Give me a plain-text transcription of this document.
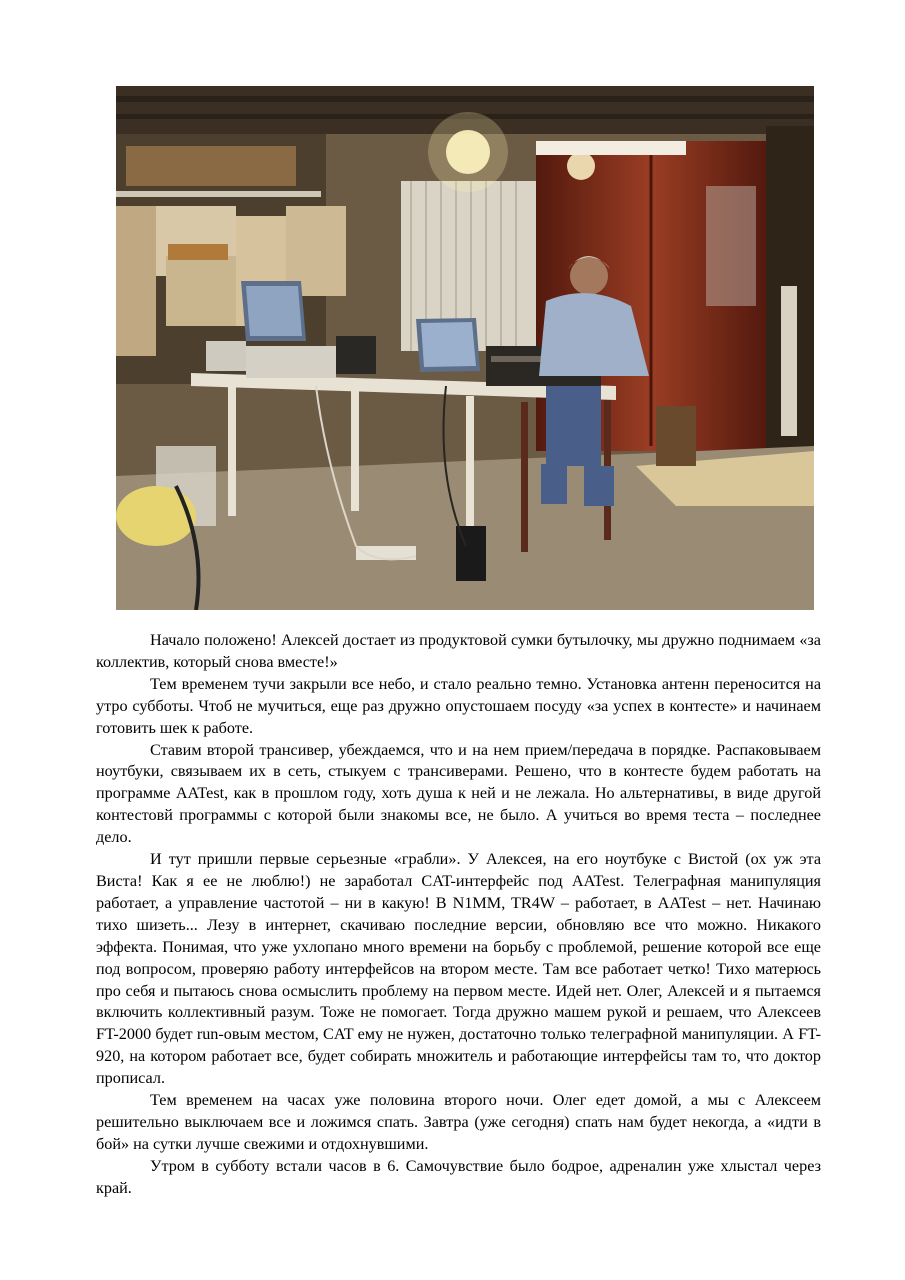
Начало положено! Алексей достает из продуктовой сумки бутылочку, мы дружно поднимаем «за коллектив, который снова вместе!»

Тем временем тучи закрыли все небо, и стало реально темно. Установка антенн переносится на утро субботы. Чтоб не мучиться, еще раз дружно опустошаем посуду «за успех в контесте» и начинаем готовить шек к работе.

Ставим второй трансивер, убеждаемся, что и на нем прием/передача в порядке. Распаковываем ноутбуки, связываем их в сеть, стыкуем с трансиверами. Решено, что в контесте будем работать на программе AATest, как в прошлом году, хоть душа к ней и не лежала. Но альтернативы, в виде другой контестовй программы с которой были знакомы все, не было. А учиться во время теста – последнее дело.

И тут пришли первые серьезные «грабли». У Алексея, на его ноутбуке с Вистой (ох уж эта Виста! Как я ее не люблю!) не заработал CAT-интерфейс под AATest. Телеграфная манипуляция работает, а управление частотой – ни в какую! В N1MM, TR4W – работает, в AATest – нет. Начинаю тихо шизеть... Лезу в интернет, скачиваю последние версии, обновляю все что можно. Никакого эффекта. Понимая, что уже ухлопано много времени на борьбу с проблемой, решение которой все еще под вопросом, проверяю работу интерфейсов на втором месте. Там все работает четко! Тихо матерюсь про себя и пытаюсь снова осмыслить проблему на первом месте. Идей нет. Олег, Алексей и я пытаемся включить коллективный разум. Тоже не помогает. Тогда дружно машем рукой и решаем, что Алексеев FT-2000 будет run-овым местом, CAT ему не нужен, достаточно только телеграфной манипуляции. А FT-920, на котором работает все, будет собирать множитель и работающие интерфейсы там то, что доктор прописал.

Тем временем на часах уже половина второго ночи. Олег едет домой, а мы с Алексеем решительно выключаем все и ложимся спать. Завтра (уже сегодня) спать нам будет некогда, а «идти в бой» на сутки лучше свежими и отдохнувшими.

Утром в субботу встали часов в 6. Самочувствие было бодрое, адреналин уже хлыстал через край.
